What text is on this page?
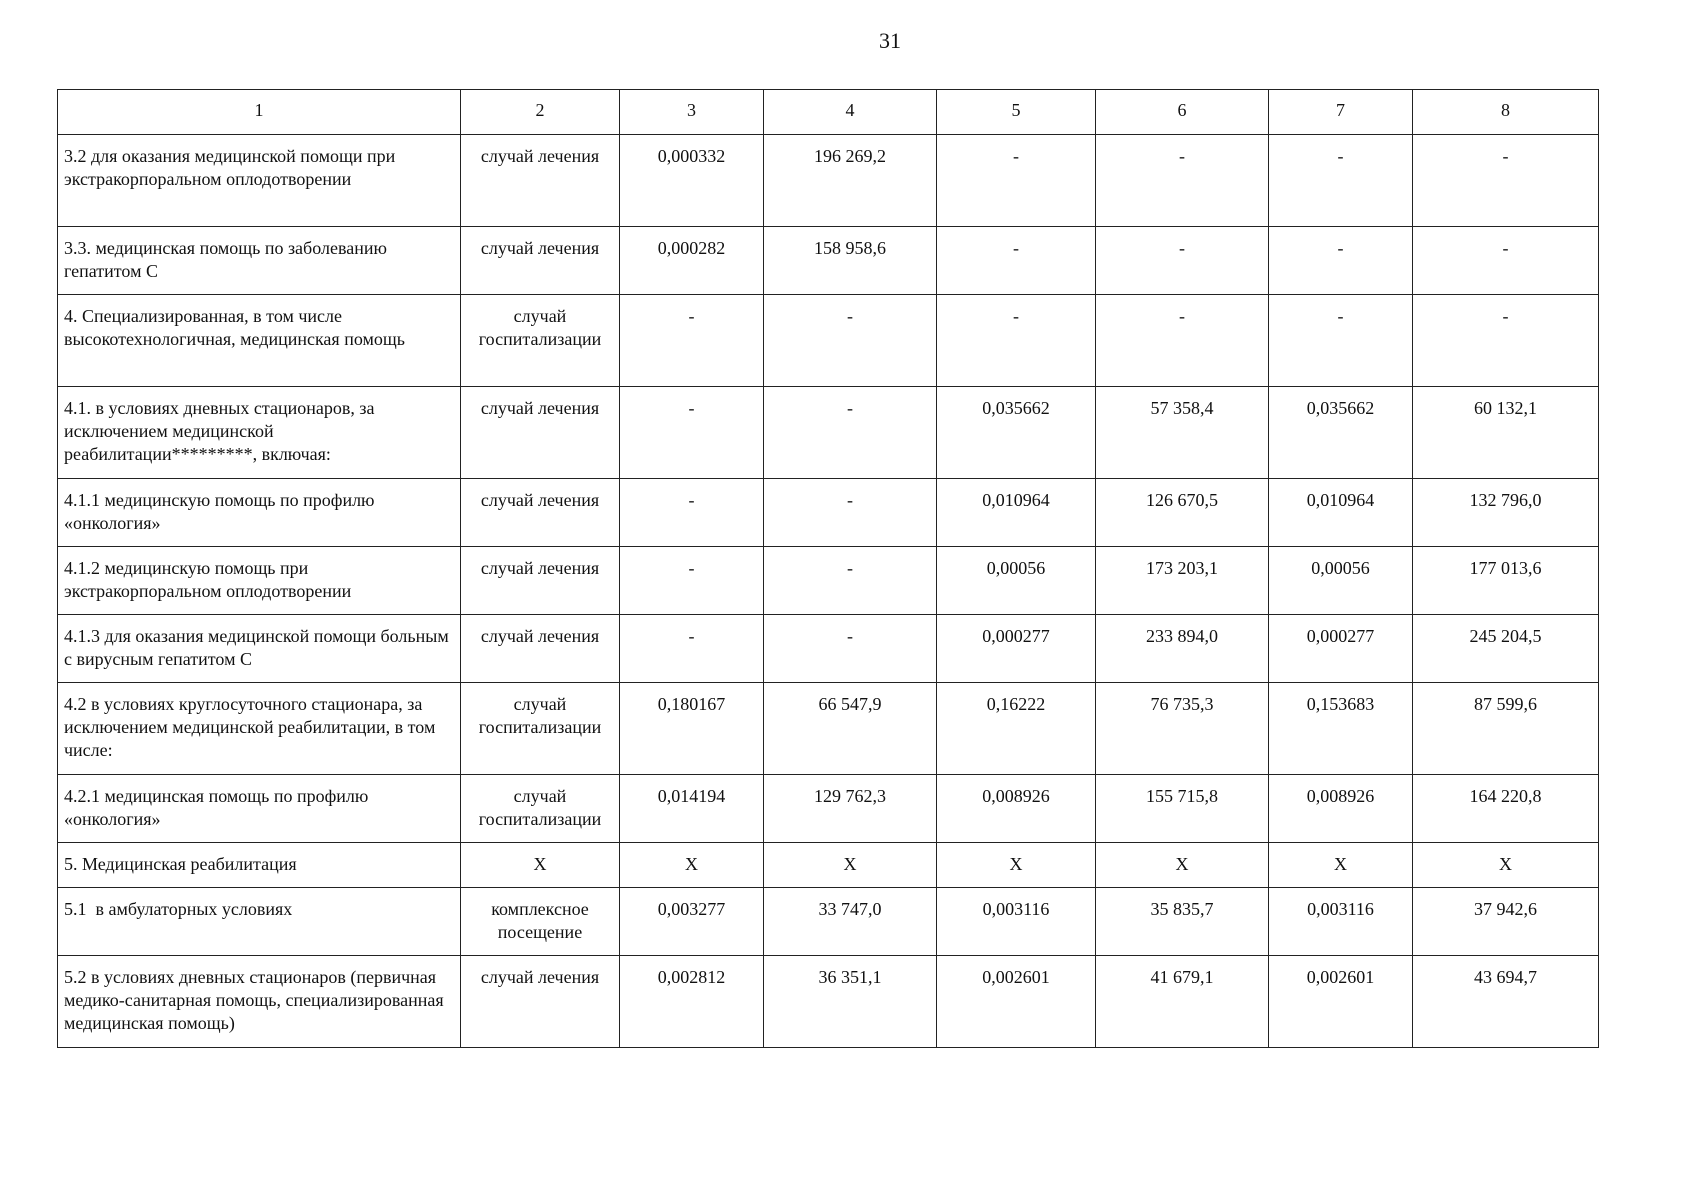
31
1	2	3	4	5	6	7	8
3.2 для оказания медицинской помощи при экстракорпоральном оплодотворении	случай лечения	0,000332	196 269,2	-	-	-	-
3.3. медицинская помощь по заболеванию гепатитом С	случай лечения	0,000282	158 958,6	-	-	-	-
4. Специализированная, в том числе высокотехнологичная, медицинская помощь	случай госпитализации	-	-	-	-	-	-
4.1. в условиях дневных стационаров, за исключением медицинской реабилитации*********, включая:	случай лечения	-	-	0,035662	57 358,4	0,035662	60 132,1
4.1.1 медицинскую помощь по профилю «онкология»	случай лечения	-	-	0,010964	126 670,5	0,010964	132 796,0
4.1.2 медицинскую помощь при экстракорпоральном оплодотворении	случай лечения	-	-	0,00056	173 203,1	0,00056	177 013,6
4.1.3 для оказания медицинской помощи больным с вирусным гепатитом С	случай лечения	-	-	0,000277	233 894,0	0,000277	245 204,5
4.2 в условиях круглосуточного стационара, за исключением медицинской реабилитации, в том числе:	случай госпитализации	0,180167	66 547,9	0,16222	76 735,3	0,153683	87 599,6
4.2.1 медицинская помощь по профилю «онкология»	случай госпитализации	0,014194	129 762,3	0,008926	155 715,8	0,008926	164 220,8
5. Медицинская реабилитация	Х	Х	Х	Х	Х	Х	Х
5.1  в амбулаторных условиях	комплексное посещение	0,003277	33 747,0	0,003116	35 835,7	0,003116	37 942,6
5.2 в условиях дневных стационаров (первичная медико-санитарная помощь, специализированная медицинская помощь)	случай лечения	0,002812	36 351,1	0,002601	41 679,1	0,002601	43 694,7
